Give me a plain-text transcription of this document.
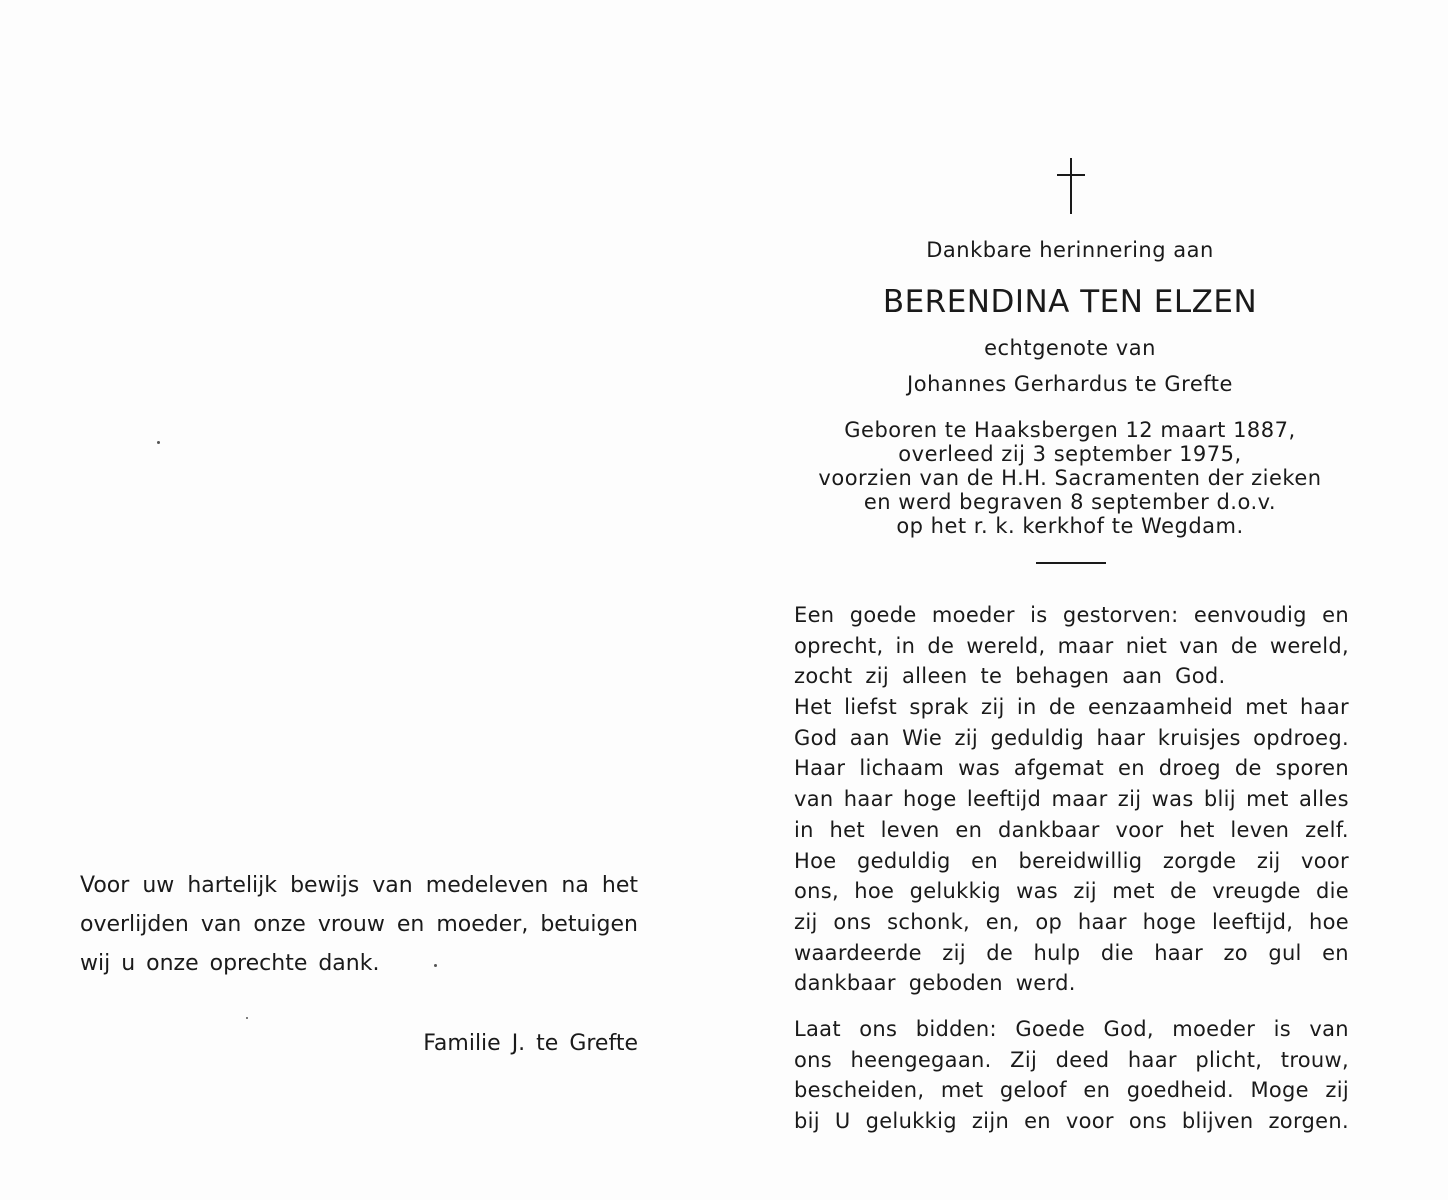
Voor uw hartelijk bewijs van medeleven na het
overlijden van onze vrouw en moeder, betuigen
wij u onze oprechte dank.
Familie J. te Grefte
Dankbare herinnering aan
BERENDINA TEN ELZEN
echtgenote van
Johannes Gerhardus te Grefte
Geboren te Haaksbergen 12 maart 1887,
overleed zij 3 september 1975,
voorzien van de H.H. Sacramenten der zieken
en werd begraven 8 september d.o.v.
op het r. k. kerkhof te Wegdam.
Een goede moeder is gestorven: eenvoudig en
oprecht, in de wereld, maar niet van de wereld,
zocht zij alleen te behagen aan God.
Het liefst sprak zij in de eenzaamheid met haar
God aan Wie zij geduldig haar kruisjes opdroeg.
Haar lichaam was afgemat en droeg de sporen
van haar hoge leeftijd maar zij was blij met alles
in het leven en dankbaar voor het leven zelf.
Hoe geduldig en bereidwillig zorgde zij voor
ons, hoe gelukkig was zij met de vreugde die
zij ons schonk, en, op haar hoge leeftijd, hoe
waardeerde zij de hulp die haar zo gul en
dankbaar geboden werd.
Laat ons bidden: Goede God, moeder is van
ons heengegaan. Zij deed haar plicht, trouw,
bescheiden, met geloof en goedheid. Moge zij
bij U gelukkig zijn en voor ons blijven zorgen.
